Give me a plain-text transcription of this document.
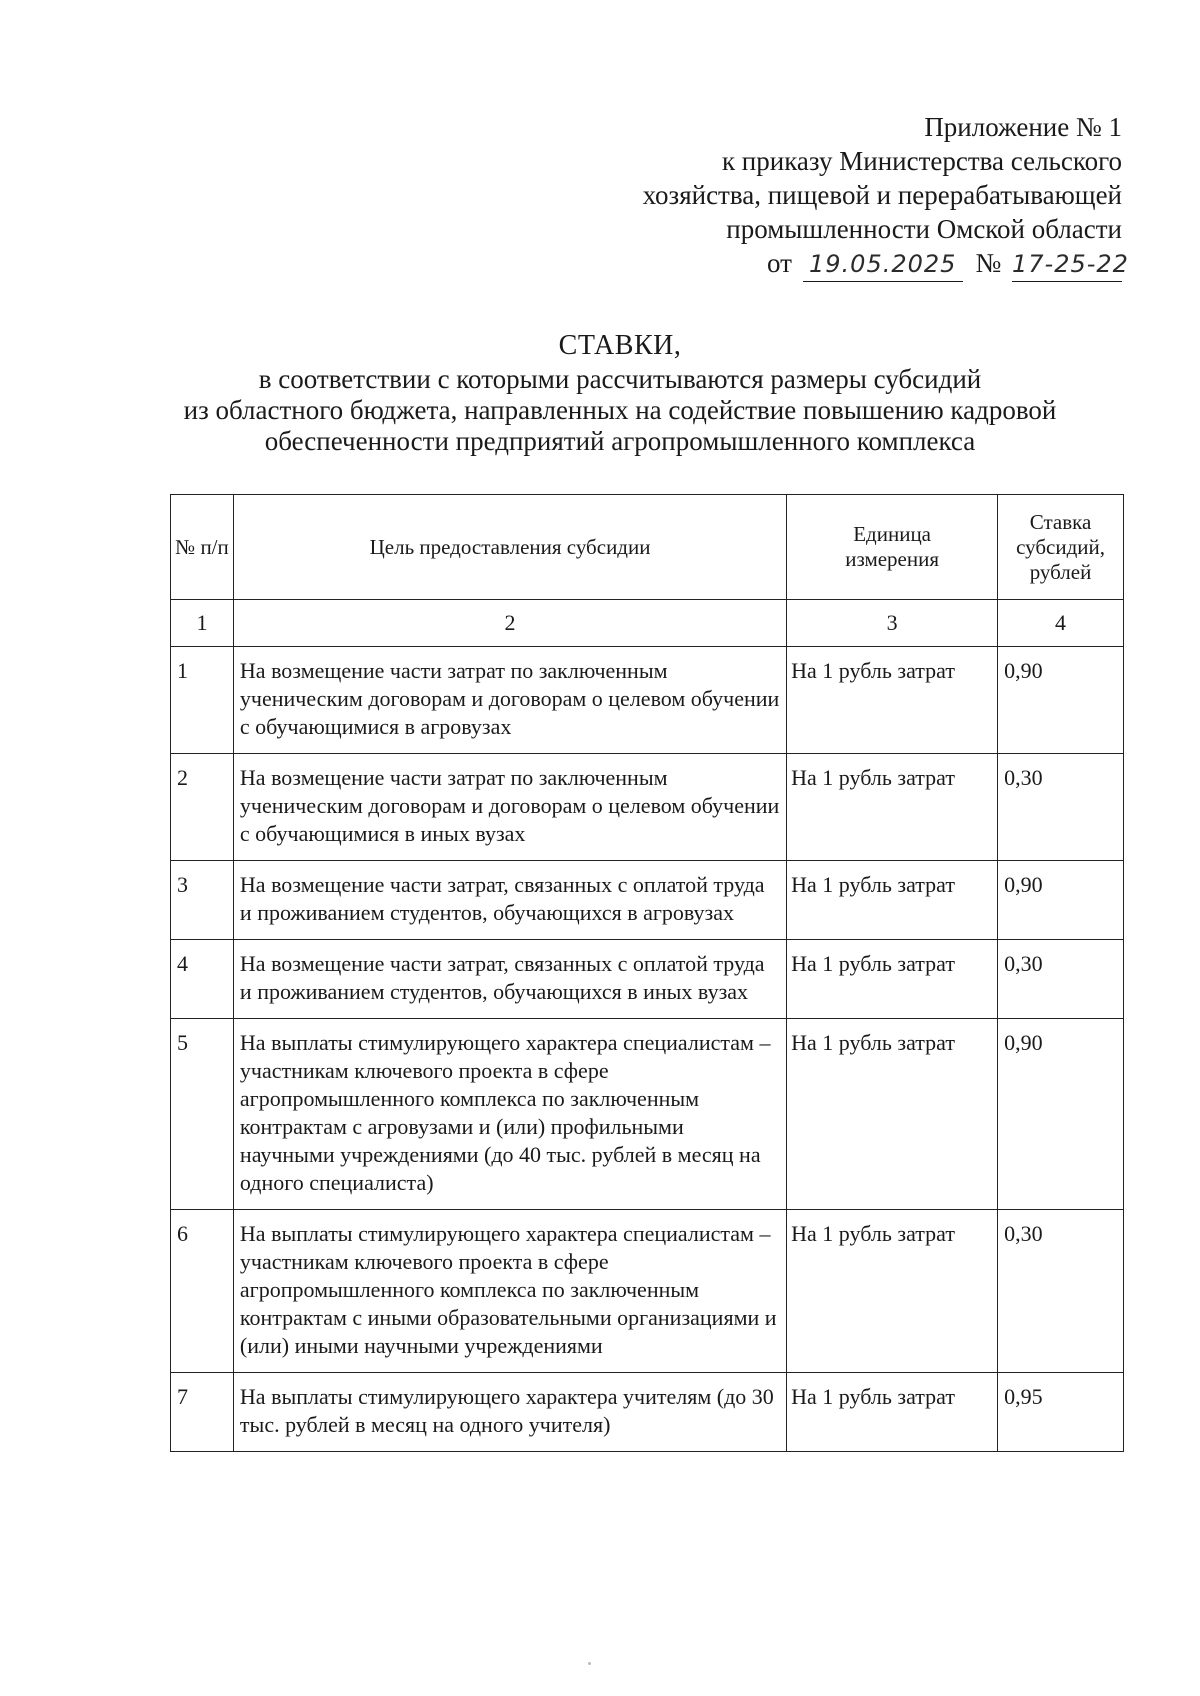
Приложение № 1
к приказу Министерства сельского
хозяйства, пищевой и перерабатывающей
промышленности Омской области
от 19.05.2025 № 17-25-22
СТАВКИ,
в соответствии с которыми рассчитываются размеры субсидий
из областного бюджета, направленных на содействие повышению кадровой
обеспеченности предприятий агропромышленного комплекса
№ п/п	Цель предоставления субсидии	Единица измерения	Ставка субсидий, рублей
1	2	3	4
1	На возмещение части затрат по заключенным ученическим договорам и договорам о целевом обучении с обучающимися в агровузах	На 1 рубль затрат	0,90
2	На возмещение части затрат по заключенным ученическим договорам и договорам о целевом обучении с обучающимися в иных вузах	На 1 рубль затрат	0,30
3	На возмещение части затрат, связанных с оплатой труда и проживанием студентов, обучающихся в агровузах	На 1 рубль затрат	0,90
4	На возмещение части затрат, связанных с оплатой труда и проживанием студентов, обучающихся в иных вузах	На 1 рубль затрат	0,30
5	На выплаты стимулирующего характера специалистам – участникам ключевого проекта в сфере агропромышленного комплекса по заключенным контрактам с агровузами и (или) профильными научными учреждениями (до 40 тыс. рублей в месяц на одного специалиста)	На 1 рубль затрат	0,90
6	На выплаты стимулирующего характера специалистам – участникам ключевого проекта в сфере агропромышленного комплекса по заключенным контрактам с иными образовательными организациями и (или) иными научными учреждениями	На 1 рубль затрат	0,30
7	На выплаты стимулирующего характера учителям (до 30 тыс. рублей в месяц на одного учителя)	На 1 рубль затрат	0,95
